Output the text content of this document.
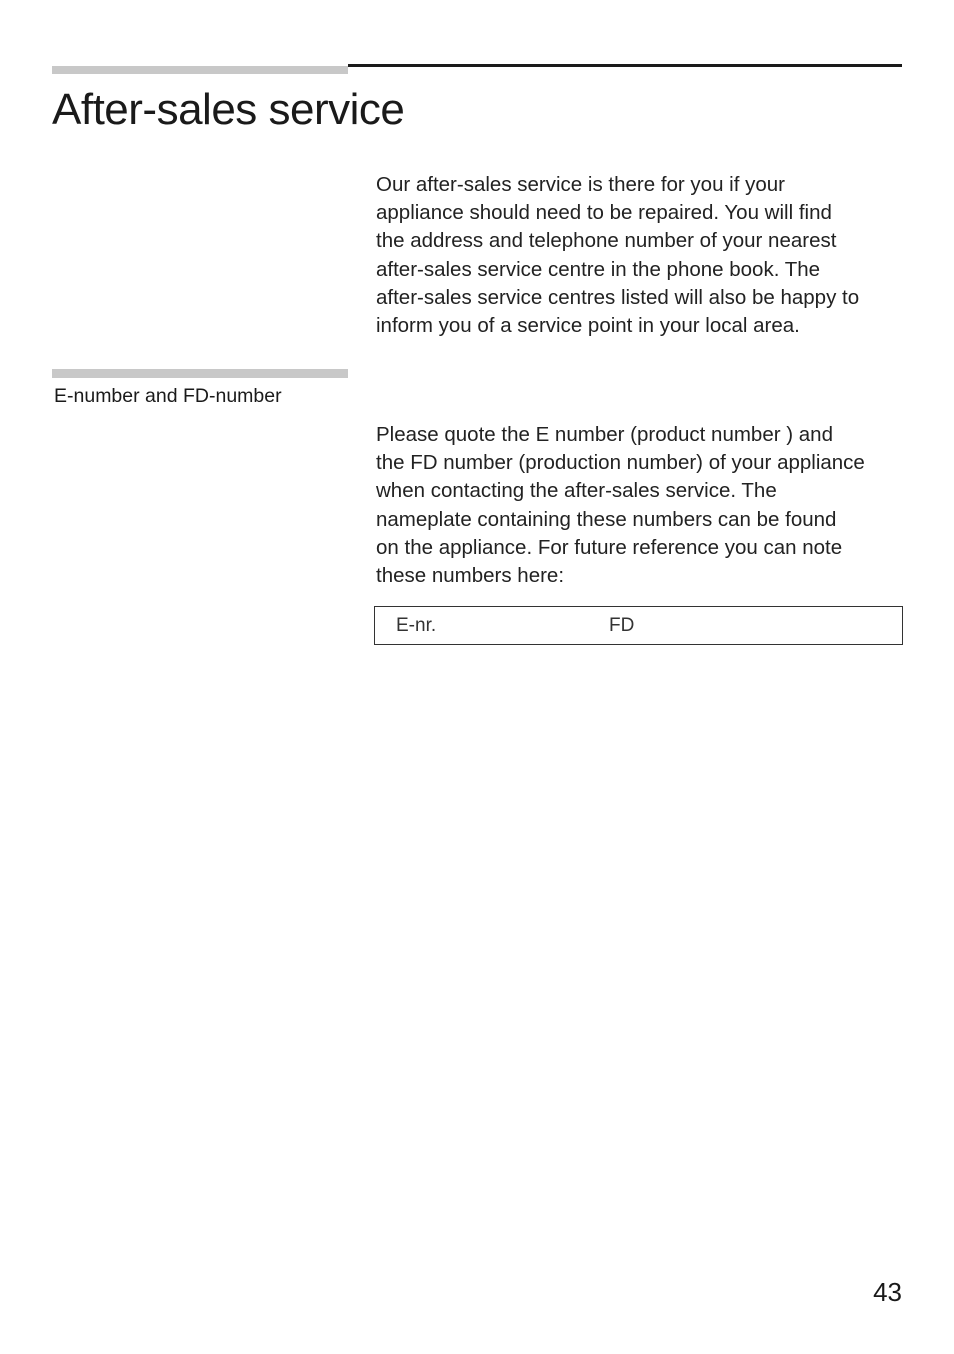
After-sales service

Our after-sales service is there for you if your
appliance should need to be repaired. You will find
the address and telephone number of your nearest
after-sales service centre in the phone book. The
after-sales service centres listed will also be happy to
inform you of a service point in your local area.

E-number and FD-number

Please quote the E number (product number ) and
the FD number (production number) of your appliance
when contacting the after-sales service. The
nameplate containing these numbers can be found
on the appliance. For future reference you can note
these numbers here:

E-nr.	FD
43
